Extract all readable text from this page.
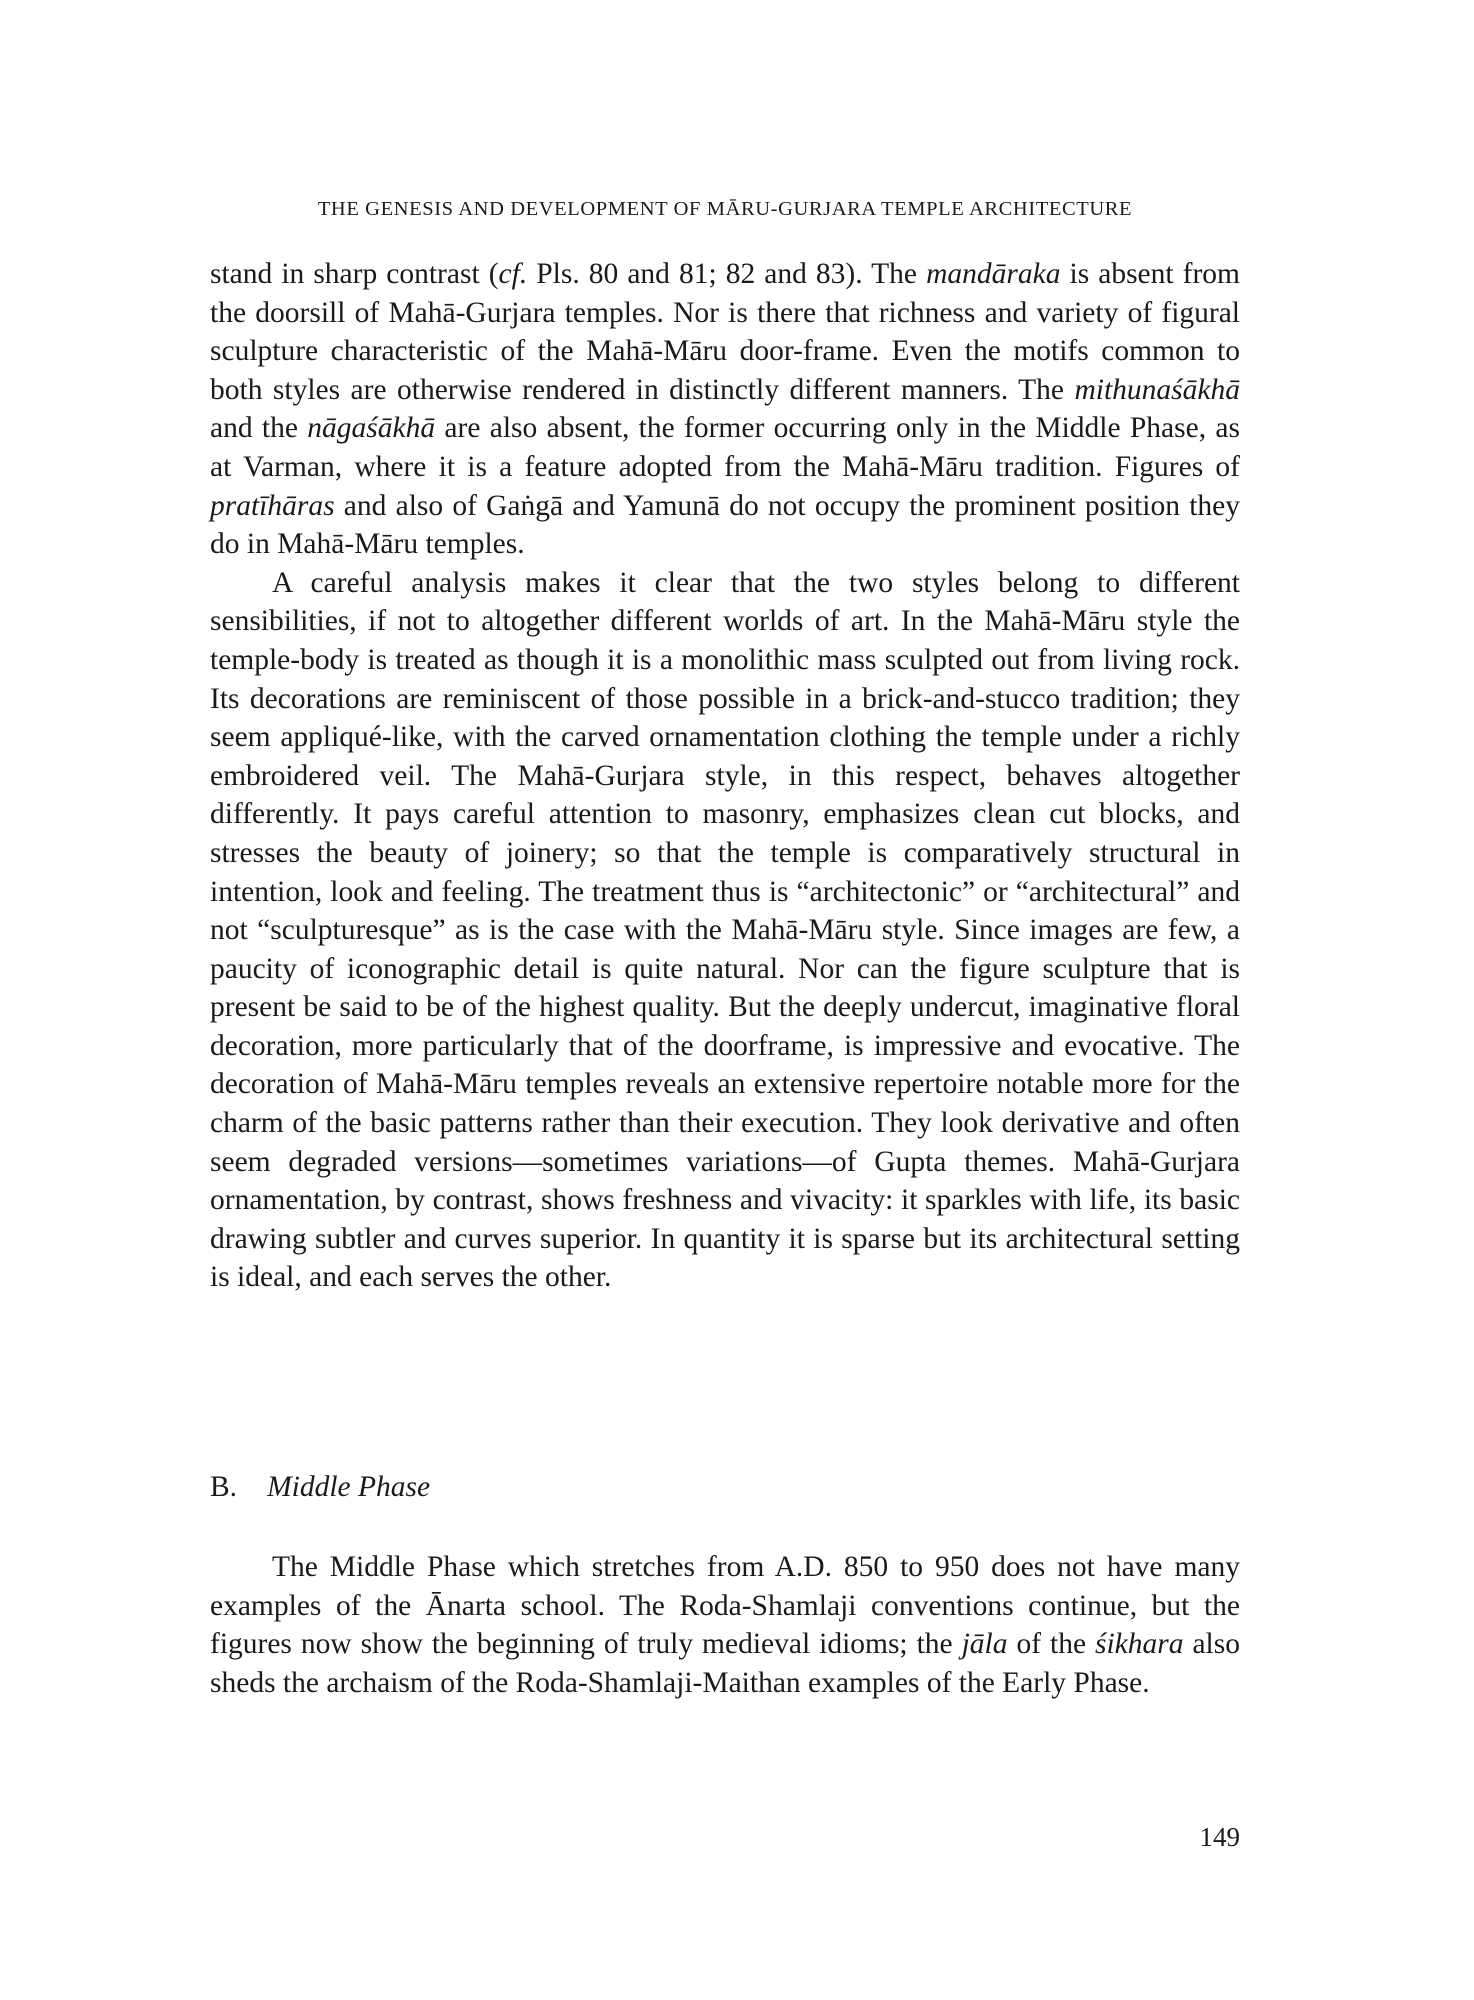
THE GENESIS AND DEVELOPMENT OF MĀRU-GURJARA TEMPLE ARCHITECTURE

stand in sharp contrast (cf. Pls. 80 and 81; 82 and 83). The mandāraka is absent from the doorsill of Mahā-Gurjara temples. Nor is there that richness and variety of figural sculpture characteristic of the Mahā-Māru door-frame. Even the motifs common to both styles are otherwise rendered in distinctly different manners. The mithunaśākhā and the nāgaśākhā are also absent, the former occurring only in the Middle Phase, as at Varman, where it is a feature adopted from the Mahā-Māru tradition. Figures of pratīhāras and also of Gaṅgā and Yamunā do not occupy the prominent position they do in Mahā-Māru temples.

A careful analysis makes it clear that the two styles belong to different sensibilities, if not to altogether different worlds of art. In the Mahā-Māru style the temple-body is treated as though it is a monolithic mass sculpted out from living rock. Its decorations are reminiscent of those possible in a brick-and-stucco tradition; they seem appliqué-like, with the carved ornamentation clothing the temple under a richly embroidered veil. The Mahā-Gurjara style, in this respect, behaves altogether differently. It pays careful attention to masonry, emphasizes clean cut blocks, and stresses the beauty of joinery; so that the temple is comparatively structural in intention, look and feeling. The treatment thus is “architectonic” or “architectural” and not “sculpturesque” as is the case with the Mahā-Māru style. Since images are few, a paucity of iconographic detail is quite natural. Nor can the figure sculpture that is present be said to be of the highest quality. But the deeply undercut, imaginative floral decoration, more particularly that of the doorframe, is impressive and evocative. The decoration of Mahā-Māru temples reveals an extensive repertoire notable more for the charm of the basic patterns rather than their execution. They look derivative and often seem degraded versions—sometimes variations—of Gupta themes. Mahā-Gurjara ornamentation, by contrast, shows freshness and vivacity: it sparkles with life, its basic drawing subtler and curves superior. In quantity it is sparse but its architectural setting is ideal, and each serves the other.

B. Middle Phase

The Middle Phase which stretches from A.D. 850 to 950 does not have many examples of the Ānarta school. The Roda-Shamlaji conventions continue, but the figures now show the beginning of truly medieval idioms; the jāla of the śikhara also sheds the archaism of the Roda-Shamlaji-Maithan examples of the Early Phase.

149
